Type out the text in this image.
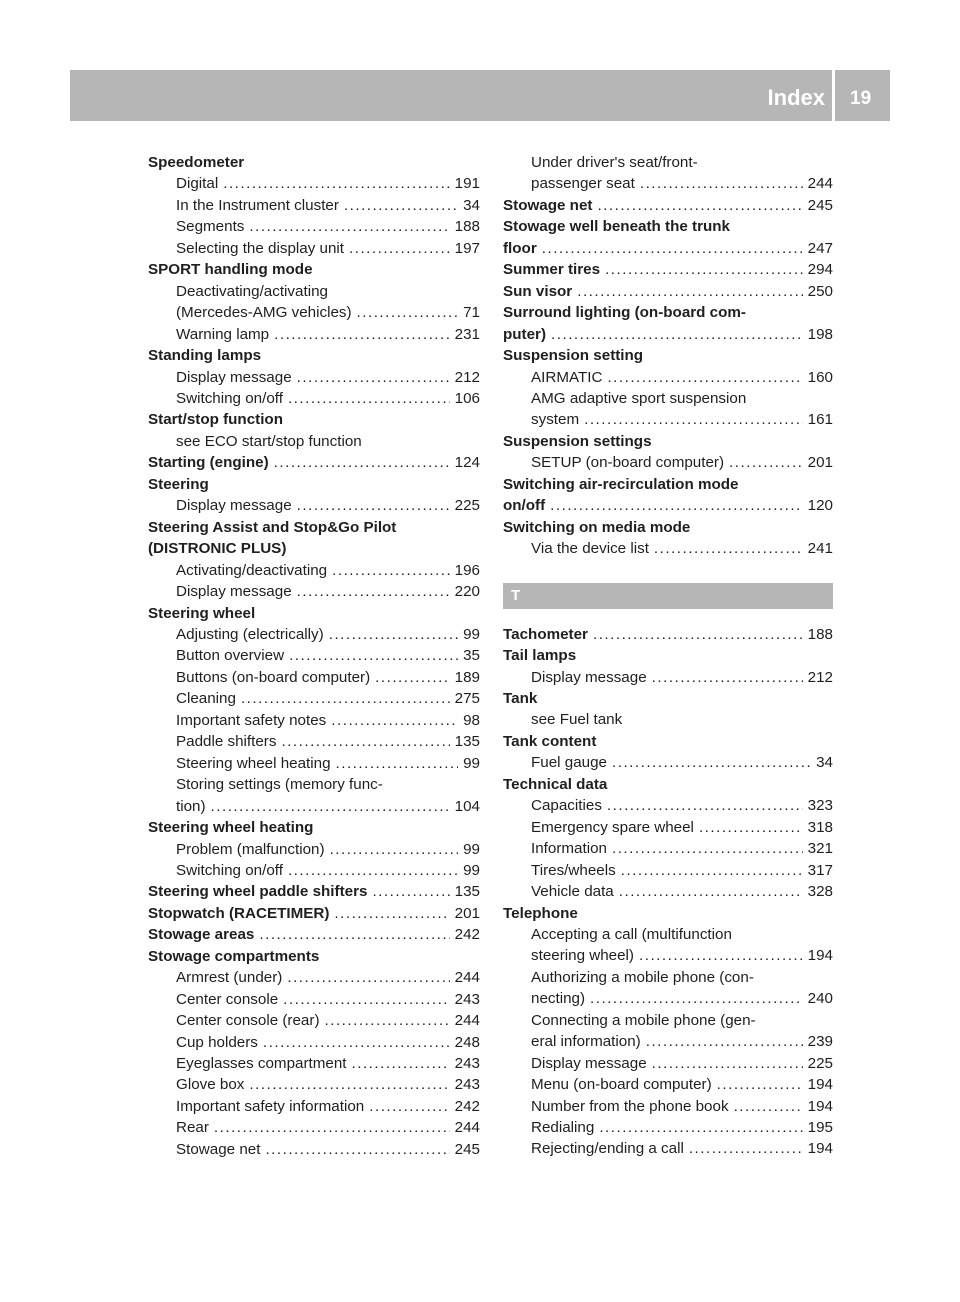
Index 19
Speedometer
Digital .....	191
In the Instrument cluster .....	34
Segments .....	188
Selecting the display unit .....	197
SPORT handling mode
Deactivating/activating
(Mercedes-AMG vehicles) .....	71
Warning lamp .....	231
Standing lamps
Display message .....	212
Switching on/off .....	106
Start/stop function
see ECO start/stop function
Starting (engine) .....	124
Steering
Display message .....	225
Steering Assist and Stop&Go Pilot
(DISTRONIC PLUS)
Activating/deactivating .....	196
Display message .....	220
Steering wheel
Adjusting (electrically) .....	99
Button overview .....	35
Buttons (on-board computer) .....	189
Cleaning .....	275
Important safety notes .....	98
Paddle shifters .....	135
Steering wheel heating .....	99
Storing settings (memory func-
tion) .....	104
Steering wheel heating
Problem (malfunction) .....	99
Switching on/off .....	99
Steering wheel paddle shifters .....	135
Stopwatch (RACETIMER) .....	201
Stowage areas .....	242
Stowage compartments
Armrest (under) .....	244
Center console .....	243
Center console (rear) .....	244
Cup holders .....	248
Eyeglasses compartment .....	243
Glove box .....	243
Important safety information .....	242
Rear .....	244
Stowage net .....	245
Under driver's seat/front-
passenger seat .....	244
Stowage net .....	245
Stowage well beneath the trunk
floor .....	247
Summer tires .....	294
Sun visor .....	250
Surround lighting (on-board com-
puter) .....	198
Suspension setting
AIRMATIC .....	160
AMG adaptive sport suspension
system .....	161
Suspension settings
SETUP (on-board computer) .....	201
Switching air-recirculation mode
on/off .....	120
Switching on media mode
Via the device list .....	241
T
Tachometer .....	188
Tail lamps
Display message .....	212
Tank
see Fuel tank
Tank content
Fuel gauge .....	34
Technical data
Capacities .....	323
Emergency spare wheel .....	318
Information .....	321
Tires/wheels .....	317
Vehicle data .....	328
Telephone
Accepting a call (multifunction
steering wheel) .....	194
Authorizing a mobile phone (con-
necting) .....	240
Connecting a mobile phone (gen-
eral information) .....	239
Display message .....	225
Menu (on-board computer) .....	194
Number from the phone book .....	194
Redialing .....	195
Rejecting/ending a call .....	194
